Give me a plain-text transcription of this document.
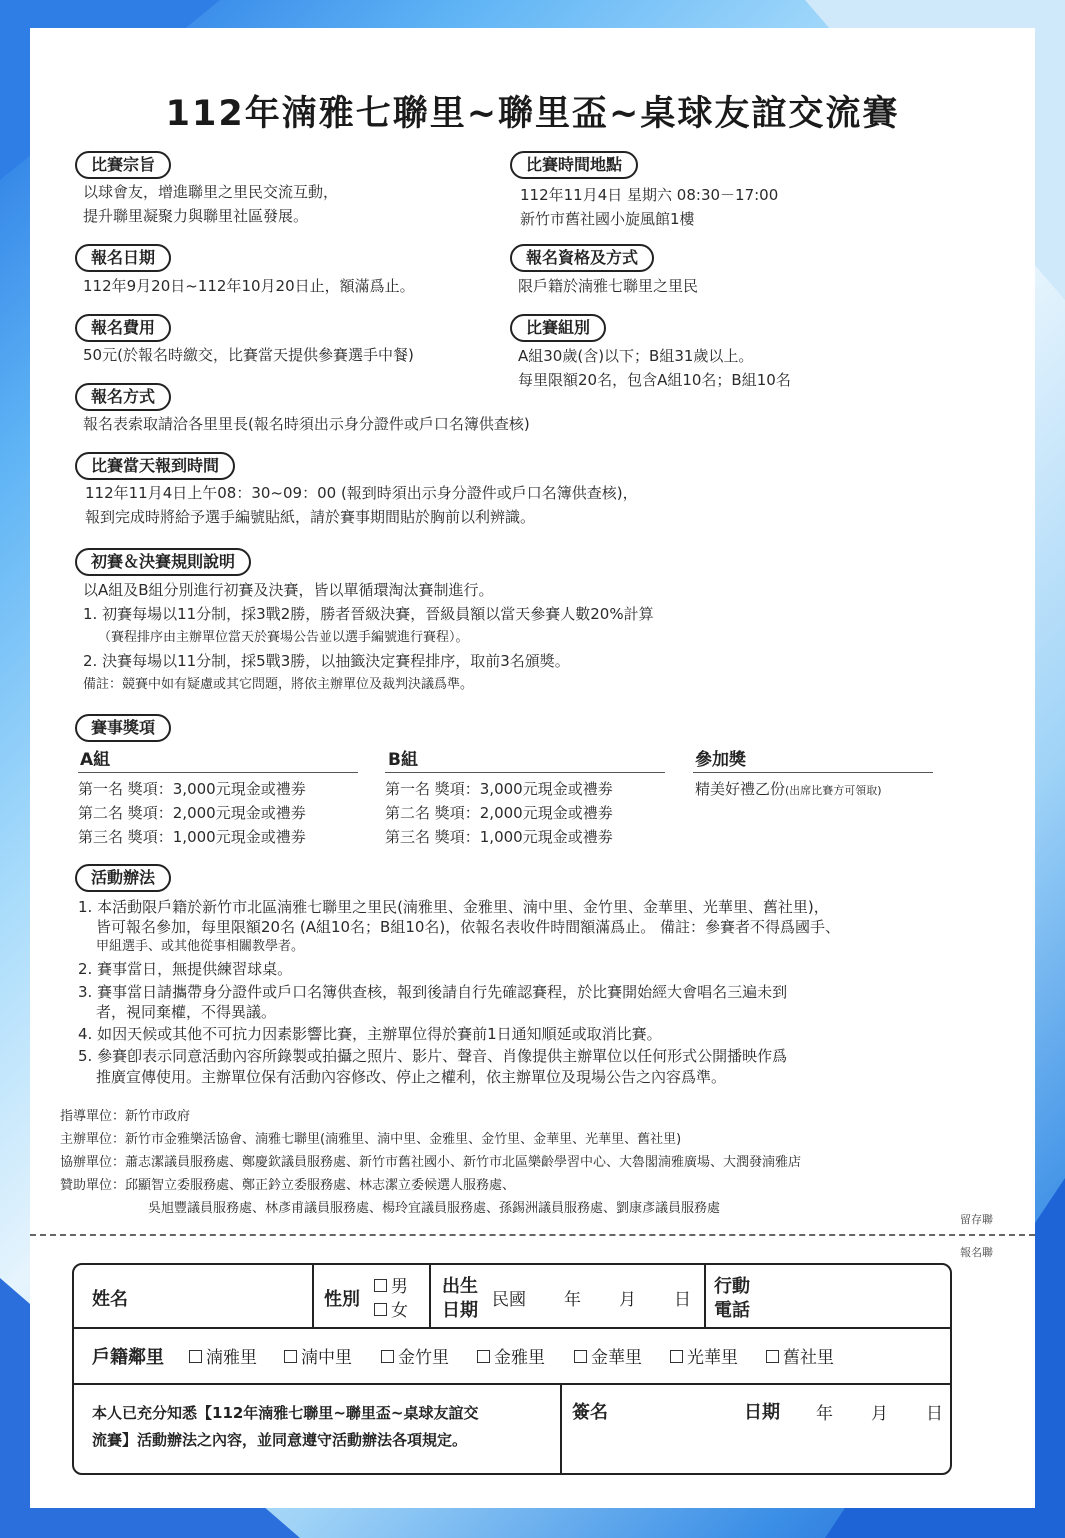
112年湳雅七聯里~聯里盃~桌球友誼交流賽
比賽宗旨
以球會友，增進聯里之里民交流互動，
提升聯里凝聚力與聯里社區發展。
比賽時間地點
112年11月4日 星期六 08:30－17:00
新竹市舊社國小旋風館1樓
報名日期
112年9月20日~112年10月20日止，額滿爲止。
報名資格及方式
限戶籍於湳雅七聯里之里民
報名費用
50元(於報名時繳交，比賽當天提供參賽選手中餐)
比賽組別
A組30歲(含)以下；B組31歲以上。
每里限額20名，包含A組10名；B組10名
報名方式
報名表索取請洽各里里長(報名時須出示身分證件或戶口名簿供查核)
比賽當天報到時間
112年11月4日上午08：30~09：00 (報到時須出示身分證件或戶口名簿供查核)，
報到完成時將給予選手編號貼紙，請於賽事期間貼於胸前以利辨識。
初賽＆決賽規則說明
以A組及B組分別進行初賽及決賽，皆以單循環淘汰賽制進行。
1. 初賽每場以11分制，採3戰2勝，勝者晉級決賽，晉級員額以當天參賽人數20%計算
（賽程排序由主辦單位當天於賽場公告並以選手編號進行賽程）。
2. 決賽每場以11分制，採5戰3勝，以抽籤決定賽程排序，取前3名頒獎。
備註：競賽中如有疑慮或其它問題，將依主辦單位及裁判決議爲準。
賽事獎項
A組
第一名 獎項：3,000元現金或禮劵
第二名 獎項：2,000元現金或禮劵
第三名 獎項：1,000元現金或禮劵
B組
第一名 獎項：3,000元現金或禮劵
第二名 獎項：2,000元現金或禮劵
第三名 獎項：1,000元現金或禮劵
參加獎
精美好禮乙份(出席比賽方可領取)
活動辦法
1. 本活動限戶籍於新竹市北區湳雅七聯里之里民(湳雅里、金雅里、湳中里、金竹里、金華里、光華里、舊社里)，
皆可報名參加，每里限額20名 (A組10名；B組10名)，依報名表收件時間額滿爲止。 備註：參賽者不得爲國手、
甲組選手、或其他從事相關教學者。
2. 賽事當日，無提供練習球桌。
3. 賽事當日請攜帶身分證件或戶口名簿供查核，報到後請自行先確認賽程，於比賽開始經大會唱名三遍未到
者，視同棄權，不得異議。
4. 如因天候或其他不可抗力因素影響比賽，主辦單位得於賽前1日通知順延或取消比賽。
5. 參賽卽表示同意活動內容所錄製或拍攝之照片、影片、聲音、肖像提供主辦單位以任何形式公開播映作爲
推廣宣傳使用。主辦單位保有活動內容修改、停止之權利，依主辦單位及現場公告之內容爲準。
指導單位：新竹市政府
主辦單位：新竹市金雅樂活協會、湳雅七聯里(湳雅里、湳中里、金雅里、金竹里、金華里、光華里、舊社里)
協辦單位：蕭志潔議員服務處、鄭慶欽議員服務處、新竹市舊社國小、新竹市北區樂齡學習中心、大魯閣湳雅廣場、大潤發湳雅店
贊助單位：邱顯智立委服務處、鄭正鈐立委服務處、林志潔立委候選人服務處、
吳旭豐議員服務處、林彥甫議員服務處、楊玲宜議員服務處、孫錫洲議員服務處、劉康彥議員服務處
留存聯
報名聯
姓名	性別
男
女
出生
日期 民國 年 月 日
行動
電話
戶籍鄰里	湳雅里	湳中里	金竹里	金雅里	金華里	光華里	舊社里
本人已充分知悉【112年湳雅七聯里~聯里盃~桌球友誼交
流賽】活動辦法之內容，並同意遵守活動辦法各項規定。
簽名	日期 年 月 日
